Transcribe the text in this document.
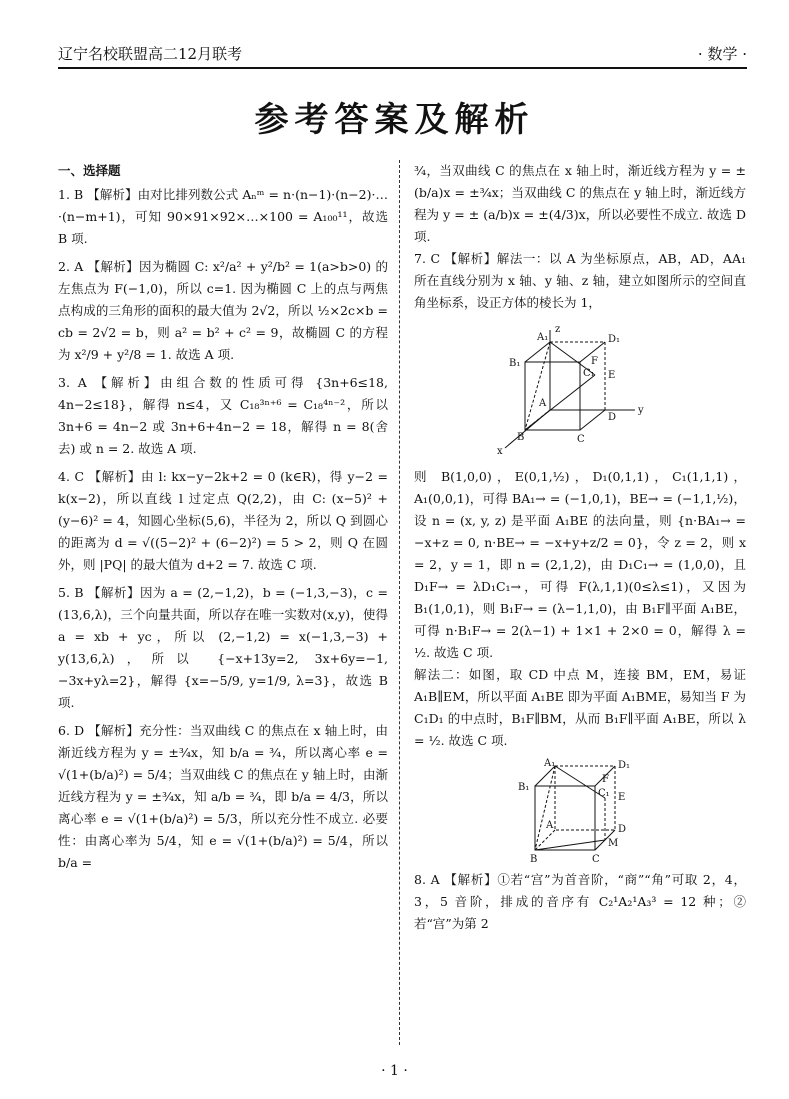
辽宁名校联盟高二12月联考	· 数学 ·
参考答案及解析
一、选择题
1. B 【解析】由对比排列数公式 Aₙᵐ = n·(n−1)·(n−2)·…·(n−m+1)，可知 90×91×92×…×100 = A₁₀₀¹¹，故选 B 项.
2. A 【解析】因为椭圆 C: x²/a² + y²/b² = 1(a>b>0) 的左焦点为 F(−1,0)，所以 c=1. 因为椭圆 C 上的点与两焦点构成的三角形的面积的最大值为 2√2，所以 ½×2c×b = cb = 2√2 = b，则 a² = b² + c² = 9，故椭圆 C 的方程为 x²/9 + y²/8 = 1. 故选 A 项.
3. A 【解析】由组合数的性质可得 {3n+6≤18, 4n−2≤18}，解得 n≤4，又 C₁₈³ⁿ⁺⁶ = C₁₈⁴ⁿ⁻²，所以 3n+6 = 4n−2 或 3n+6+4n−2 = 18，解得 n = 8(舍去) 或 n = 2. 故选 A 项.
4. C 【解析】由 l: kx−y−2k+2 = 0 (k∈R)，得 y−2 = k(x−2)，所以直线 l 过定点 Q(2,2)，由 C: (x−5)² + (y−6)² = 4，知圆心坐标(5,6)，半径为 2，所以 Q 到圆心的距离为 d = √((5−2)² + (6−2)²) = 5 > 2，则 Q 在圆外，则 |PQ| 的最大值为 d+2 = 7. 故选 C 项.
5. B 【解析】因为 a = (2,−1,2)，b = (−1,3,−3)，c = (13,6,λ)，三个向量共面，所以存在唯一实数对(x,y)，使得 a = xb + yc，所以 (2,−1,2) = x(−1,3,−3) + y(13,6,λ)，所以 {−x+13y=2, 3x+6y=−1, −3x+yλ=2}，解得 {x=−5/9, y=1/9, λ=3}，故选 B 项.
6. D 【解析】充分性：当双曲线 C 的焦点在 x 轴上时，由渐近线方程为 y = ±¾x，知 b/a = ¾，所以离心率 e = √(1+(b/a)²) = 5/4；当双曲线 C 的焦点在 y 轴上时，由渐近线方程为 y = ±¾x，知 a/b = ¾，即 b/a = 4/3，所以离心率 e = √(1+(b/a)²) = 5/3，所以充分性不成立. 必要性：由离心率为 5/4，知 e = √(1+(b/a)²) = 5/4，所以 b/a =
¾，当双曲线 C 的焦点在 x 轴上时，渐近线方程为 y = ± (b/a)x = ±¾x；当双曲线 C 的焦点在 y 轴上时，渐近线方程为 y = ± (a/b)x = ±(4/3)x，所以必要性不成立. 故选 D 项.
7. C 【解析】解法一：以 A 为坐标原点，AB，AD，AA₁ 所在直线分别为 x 轴、y 轴、z 轴，建立如图所示的空间直角坐标系，设正方体的棱长为 1，
z
A₁	D₁
B₁
C₁
F
E
A
D
y
B	C
x
则 B(1,0,0)，E(0,1,½)，D₁(0,1,1)，C₁(1,1,1)，A₁(0,0,1)，可得 BA₁→ = (−1,0,1)，BE→ = (−1,1,½)，设 n = (x, y, z) 是平面 A₁BE 的法向量，则 {n·BA₁→ = −x+z = 0, n·BE→ = −x+y+z/2 = 0}，令 z = 2，则 x = 2，y = 1，即 n = (2,1,2)，由 D₁C₁→ = (1,0,0)，且 D₁F→ = λD₁C₁→，可得 F(λ,1,1)(0≤λ≤1)，又因为 B₁(1,0,1)，则 B₁F→ = (λ−1,1,0)，由 B₁F∥平面 A₁BE，可得 n·B₁F→ = 2(λ−1) + 1×1 + 2×0 = 0，解得 λ = ½. 故选 C 项.
解法二：如图，取 CD 中点 M，连接 BM，EM，易证 A₁B∥EM，所以平面 A₁BE 即为平面 A₁BME，易知当 F 为 C₁D₁ 的中点时，B₁F∥BM，从而 B₁F∥平面 A₁BE，所以 λ = ½. 故选 C 项.
A₁	D₁
B₁
C₁
F
E
A	D
M
B	C
8. A 【解析】①若“宫”为首音阶，“商”“角”可取 2，4，3，5 音阶，排成的音序有 C₂¹A₂¹A₃³ = 12 种；②若“宫”为第 2
· 1 ·
